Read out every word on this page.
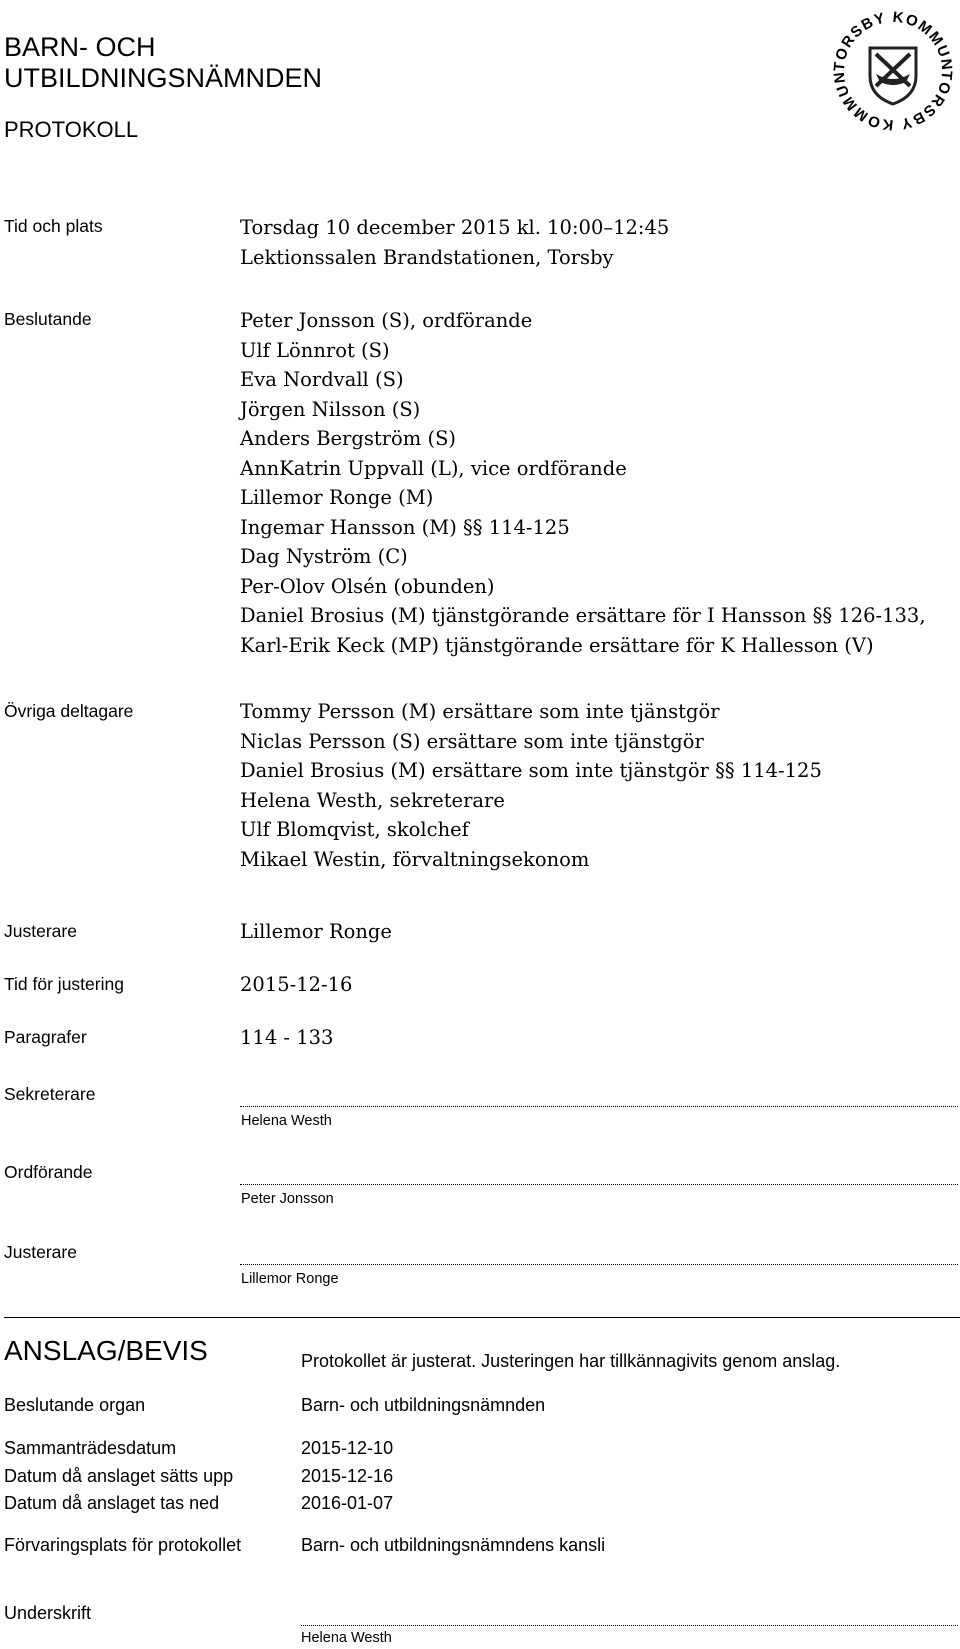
BARN- OCH
UTBILDNINGSNÄMNDEN
PROTOKOLL
TORSBY KOMMUN
TORSBY KOMMUN
Tid och plats	Torsdag 10 december 2015 kl. 10:00–12:45
Lektionssalen Brandstationen, Torsby
Beslutande	Peter Jonsson (S), ordförande
Ulf Lönnrot (S)
Eva Nordvall (S)
Jörgen Nilsson (S)
Anders Bergström (S)
AnnKatrin Uppvall (L), vice ordförande
Lillemor Ronge (M)
Ingemar Hansson (M) §§ 114-125
Dag Nyström (C)
Per-Olov Olsén (obunden)
Daniel Brosius (M) tjänstgörande ersättare för I Hansson §§ 126-133,
Karl-Erik Keck (MP) tjänstgörande ersättare för K Hallesson (V)
Övriga deltagare	Tommy Persson (M) ersättare som inte tjänstgör
Niclas Persson (S) ersättare som inte tjänstgör
Daniel Brosius (M) ersättare som inte tjänstgör §§ 114-125
Helena Westh, sekreterare
Ulf Blomqvist, skolchef
Mikael Westin, förvaltningsekonom
Justerare	Lillemor Ronge
Tid för justering	2015-12-16
Paragrafer	114 - 133
Sekreterare
Helena Westh
Ordförande
Peter Jonsson
Justerare
Lillemor Ronge
ANSLAG/BEVIS	Protokollet är justerat. Justeringen har tillkännagivits genom anslag.
Beslutande organ	Barn- och utbildningsnämnden
Sammanträdesdatum	2015-12-10
Datum då anslaget sätts upp	2015-12-16
Datum då anslaget tas ned	2016-01-07
Förvaringsplats för protokollet	Barn- och utbildningsnämndens kansli
Underskrift
Helena Westh
